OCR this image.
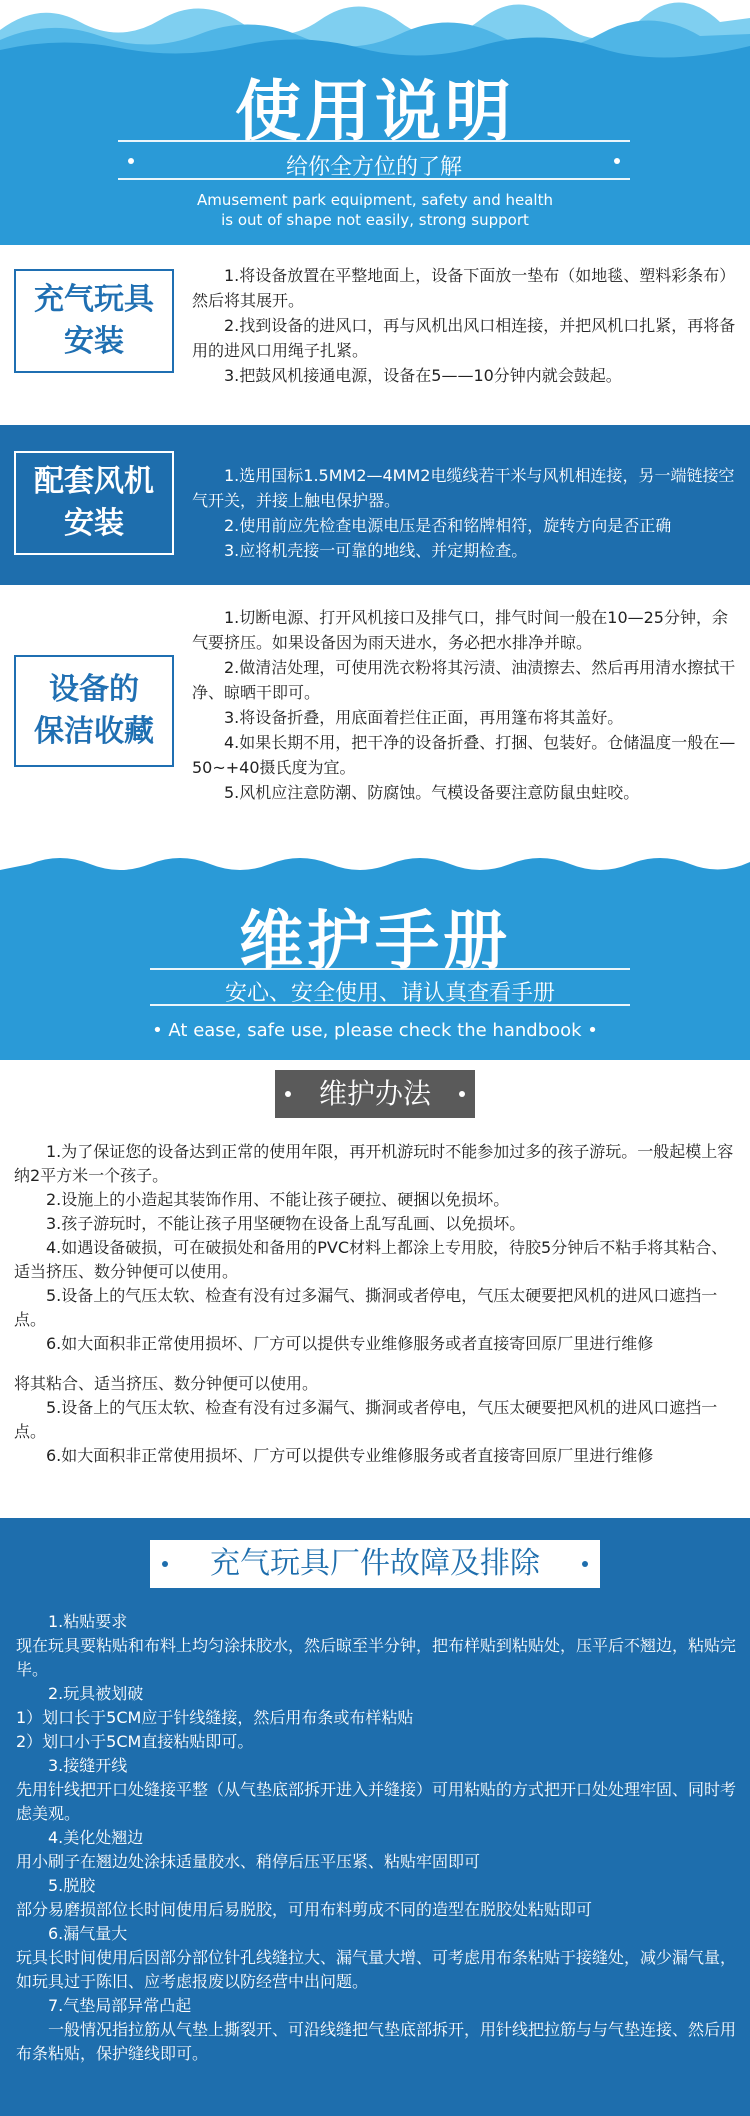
使用说明
给你全方位的了解
Amusement park equipment, safety and health
is out of shape not easily, strong support
充气玩具
安装
1.将设备放置在平整地面上，设备下面放一垫布（如地毯、塑料彩条布）然后将其展开。
2.找到设备的进风口，再与风机出风口相连接，并把风机口扎紧，再将备用的进风口用绳子扎紧。
3.把鼓风机接通电源，设备在5——10分钟内就会鼓起。
配套风机
安装
1.选用国标1.5MM2—4MM2电缆线若干米与风机相连接，另一端链接空气开关，并接上触电保护器。
2.使用前应先检查电源电压是否和铭牌相符，旋转方向是否正确
3.应将机壳接一可靠的地线、并定期检查。
设备的
保洁收藏
1.切断电源、打开风机接口及排气口，排气时间一般在10—25分钟，余气要挤压。如果设备因为雨天进水，务必把水排净并晾。
2.做清洁处理，可使用洗衣粉将其污渍、油渍擦去、然后再用清水擦拭干净、晾晒干即可。
3.将设备折叠，用底面着拦住正面，再用篷布将其盖好。
4.如果长期不用，把干净的设备折叠、打捆、包装好。仓储温度一般在—50~+40摄氏度为宜。
5.风机应注意防潮、防腐蚀。气模设备要注意防鼠虫蛀咬。
维护手册
安心、安全使用、请认真查看手册
• At ease, safe use, please check the handbook •
维护办法
1.为了保证您的设备达到正常的使用年限，再开机游玩时不能参加过多的孩子游玩。一般起模上容纳2平方米一个孩子。
2.设施上的小造起其装饰作用、不能让孩子硬拉、硬捆以免损坏。
3.孩子游玩时，不能让孩子用坚硬物在设备上乱写乱画、以免损坏。
4.如遇设备破损，可在破损处和备用的PVC材料上都涂上专用胶，待胶5分钟后不粘手将其粘合、适当挤压、数分钟便可以使用。
5.设备上的气压太软、检查有没有过多漏气、撕洞或者停电，气压太硬要把风机的进风口遮挡一点。
6.如大面积非正常使用损坏、厂方可以提供专业维修服务或者直接寄回原厂里进行维修
将其粘合、适当挤压、数分钟便可以使用。
5.设备上的气压太软、检查有没有过多漏气、撕洞或者停电，气压太硬要把风机的进风口遮挡一点。
6.如大面积非正常使用损坏、厂方可以提供专业维修服务或者直接寄回原厂里进行维修
充气玩具厂件故障及排除
1.粘贴要求
现在玩具要粘贴和布料上均匀涂抹胶水，然后晾至半分钟，把布样贴到粘贴处，压平后不翘边，粘贴完毕。
2.玩具被划破
1）划口长于5CM应于针线缝接，然后用布条或布样粘贴
2）划口小于5CM直接粘贴即可。
3.接缝开线
先用针线把开口处缝接平整（从气垫底部拆开进入并缝接）可用粘贴的方式把开口处处理牢固、同时考虑美观。
4.美化处翘边
用小刷子在翘边处涂抹适量胶水、稍停后压平压紧、粘贴牢固即可
5.脱胶
部分易磨损部位长时间使用后易脱胶，可用布料剪成不同的造型在脱胶处粘贴即可
6.漏气量大
玩具长时间使用后因部分部位针孔线缝拉大、漏气量大增、可考虑用布条粘贴于接缝处，减少漏气量，如玩具过于陈旧、应考虑报废以防经营中出问题。
7.气垫局部异常凸起
一般情况指拉筋从气垫上撕裂开、可沿线缝把气垫底部拆开，用针线把拉筋与与气垫连接、然后用布条粘贴，保护缝线即可。
